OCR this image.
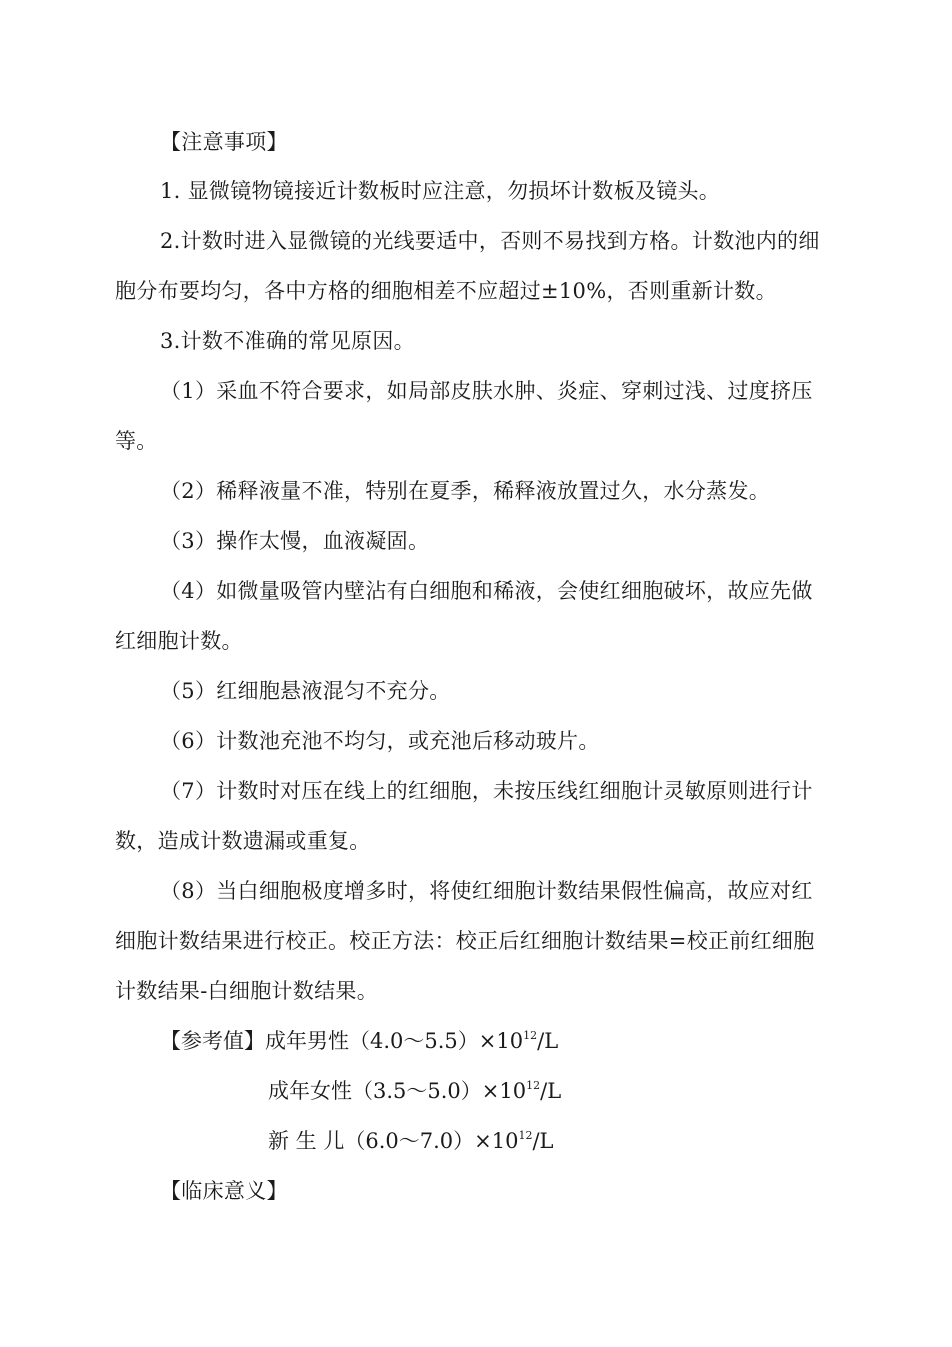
【注意事项】
1. 显微镜物镜接近计数板时应注意，勿损坏计数板及镜头。
2.计数时进入显微镜的光线要适中，否则不易找到方格。计数池内的细
胞分布要均匀，各中方格的细胞相差不应超过±10%，否则重新计数。
3.计数不准确的常见原因。
（1）采血不符合要求，如局部皮肤水肿、炎症、穿刺过浅、过度挤压
等。
（2）稀释液量不准，特别在夏季，稀释液放置过久，水分蒸发。
（3）操作太慢，血液凝固。
（4）如微量吸管内壁沾有白细胞和稀液，会使红细胞破坏，故应先做
红细胞计数。
（5）红细胞悬液混匀不充分。
（6）计数池充池不均匀，或充池后移动玻片。
（7）计数时对压在线上的红细胞，未按压线红细胞计灵敏原则进行计
数，造成计数遗漏或重复。
（8）当白细胞极度增多时，将使红细胞计数结果假性偏高，故应对红
细胞计数结果进行校正。校正方法：校正后红细胞计数结果=校正前红细胞
计数结果-白细胞计数结果。
【参考值】成年男性$(4.0\sim 5.5)\times 10^{12}/L$
成年女性$(3.5\sim 5.0)\times 10^{12}/L$
新 生 儿$(6.0\sim 7.0)\times 10^{12}/L$
【临床意义】
